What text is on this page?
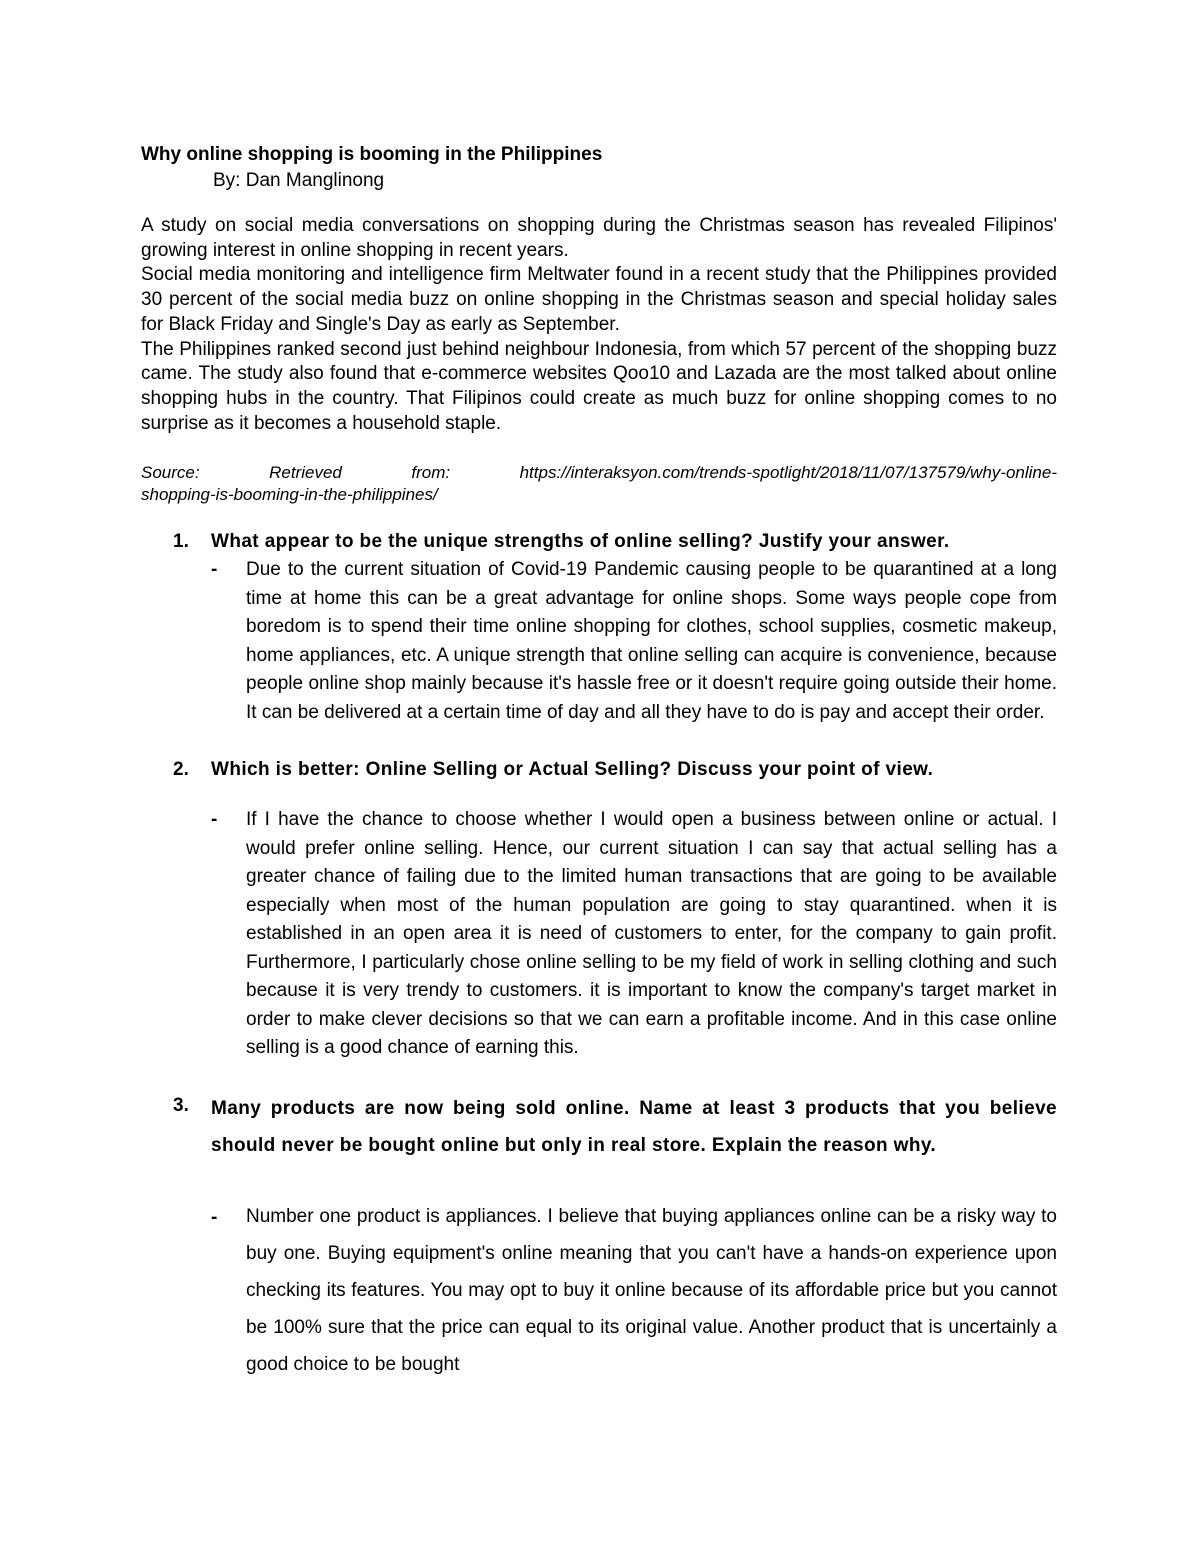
Why online shopping is booming in the Philippines
By: Dan Manglinong

A study on social media conversations on shopping during the Christmas season has revealed Filipinos' growing interest in online shopping in recent years.

Social media monitoring and intelligence firm Meltwater found in a recent study that the Philippines provided 30 percent of the social media buzz on online shopping in the Christmas season and special holiday sales for Black Friday and Single's Day as early as September.

The Philippines ranked second just behind neighbour Indonesia, from which 57 percent of the shopping buzz came. The study also found that e-commerce websites Qoo10 and Lazada are the most talked about online shopping hubs in the country. That Filipinos could create as much buzz for online shopping comes to no surprise as it becomes a household staple.

Source:	Retrieved	from:	https://interaksyon.com/trends-spotlight/2018/11/07/137579/why-online-
shopping-is-booming-in-the-philippines/
1. What appear to be the unique strengths of online selling? Justify your answer.
- Due to the current situation of Covid-19 Pandemic causing people to be quarantined at a long time at home this can be a great advantage for online shops. Some ways people cope from boredom is to spend their time online shopping for clothes, school supplies, cosmetic makeup, home appliances, etc. A unique strength that online selling can acquire is convenience, because people online shop mainly because it's hassle free or it doesn't require going outside their home. It can be delivered at a certain time of day and all they have to do is pay and accept their order.
2. Which is better: Online Selling or Actual Selling? Discuss your point of view.
- If I have the chance to choose whether I would open a business between online or actual. I would prefer online selling. Hence, our current situation I can say that actual selling has a greater chance of failing due to the limited human transactions that are going to be available especially when most of the human population are going to stay quarantined. when it is established in an open area it is need of customers to enter, for the company to gain profit. Furthermore, I particularly chose online selling to be my field of work in selling clothing and such because it is very trendy to customers. it is important to know the company's target market in order to make clever decisions so that we can earn a profitable income. And in this case online selling is a good chance of earning this.
3. Many products are now being sold online. Name at least 3 products that you believe should never be bought online but only in real store. Explain the reason why.
- Number one product is appliances. I believe that buying appliances online can be a risky way to buy one. Buying equipment's online meaning that you can't have a hands-on experience upon checking its features. You may opt to buy it online because of its affordable price but you cannot be 100% sure that the price can equal to its original value. Another product that is uncertainly a good choice to be bought
